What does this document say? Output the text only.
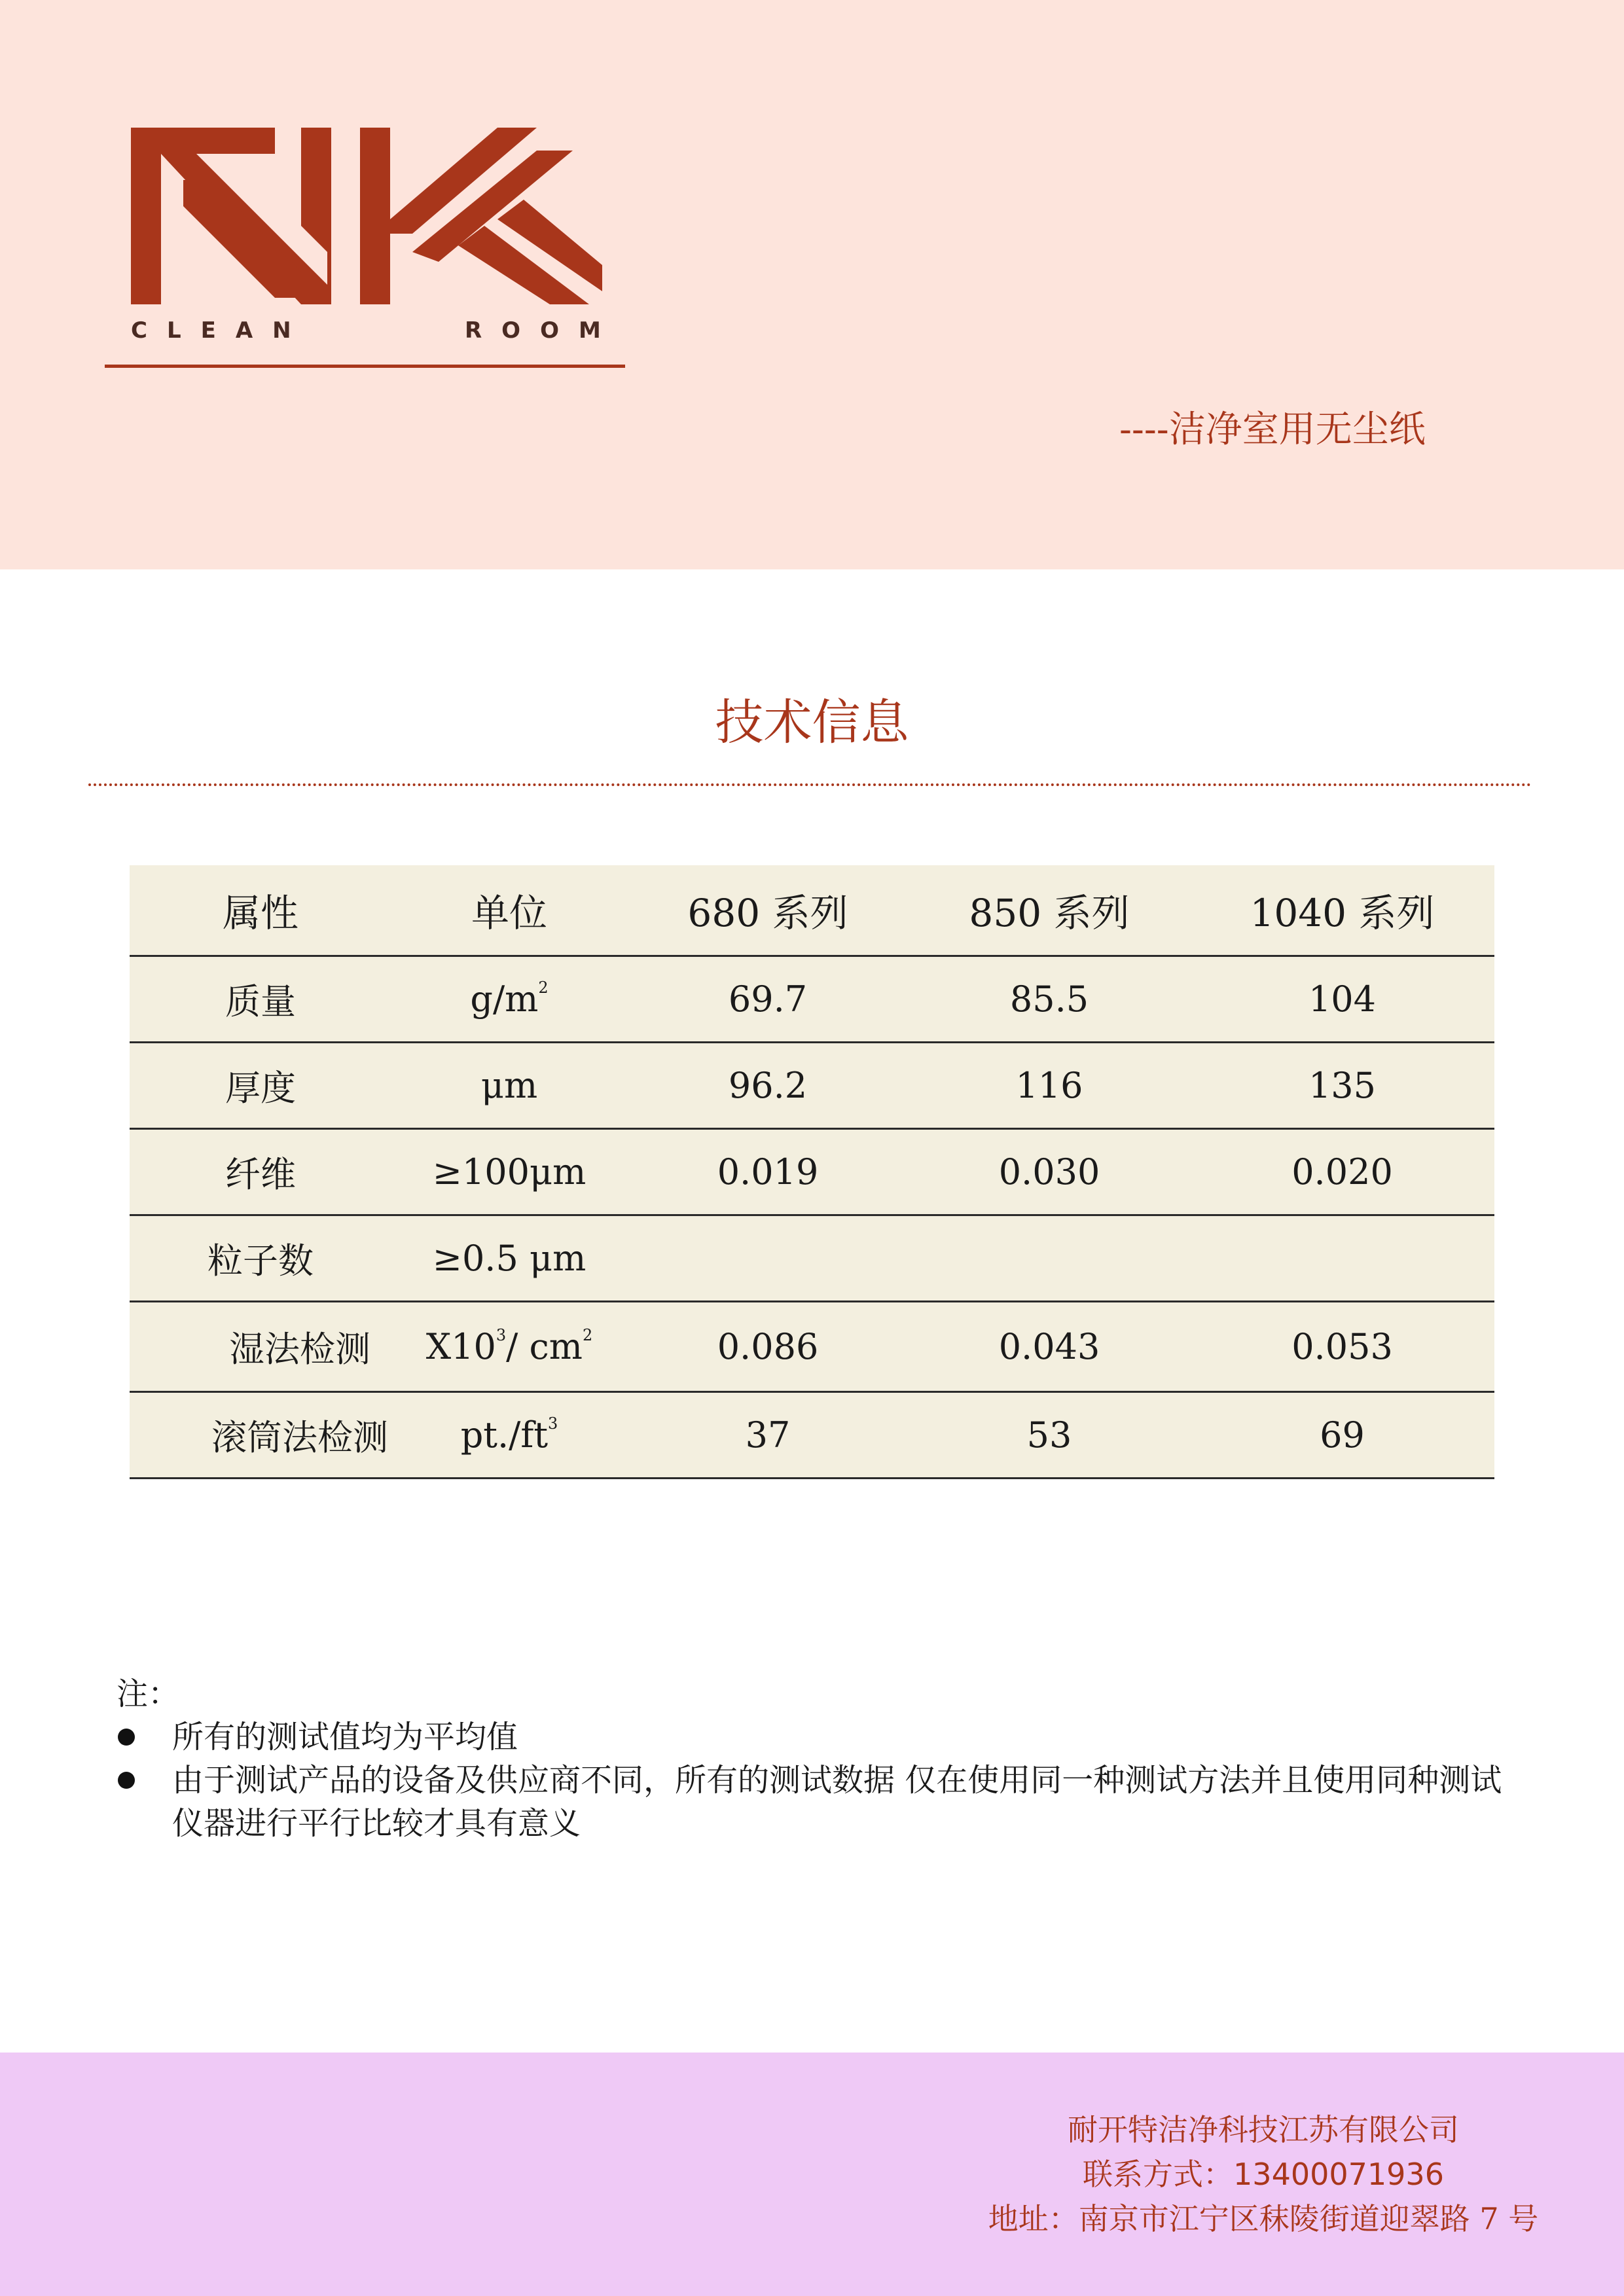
CLEAN	ROOM
----洁净室用无尘纸
技术信息
属性	单位	680 系列	850 系列	1040 系列
质量	$g/m^2$	69.7	85.5	104
厚度	μm	96.2	116	135
纤维	≥100μm	0.019	0.030	0.020
粒子数	≥0.5 μm			
湿法检测	$X10^3/$ $cm^2$	0.086	0.043	0.053
滚筒法检测	$pt./ft^3$	37	53	69
注：
所有的测试值均为平均值
由于测试产品的设备及供应商不同，所有的测试数据 仅在使用同一种测试方法并且使用同种测试仪器进行平行比较才具有意义
耐开特洁净科技江苏有限公司
联系方式：13400071936
地址：南京市江宁区秣陵街道迎翠路 7 号
